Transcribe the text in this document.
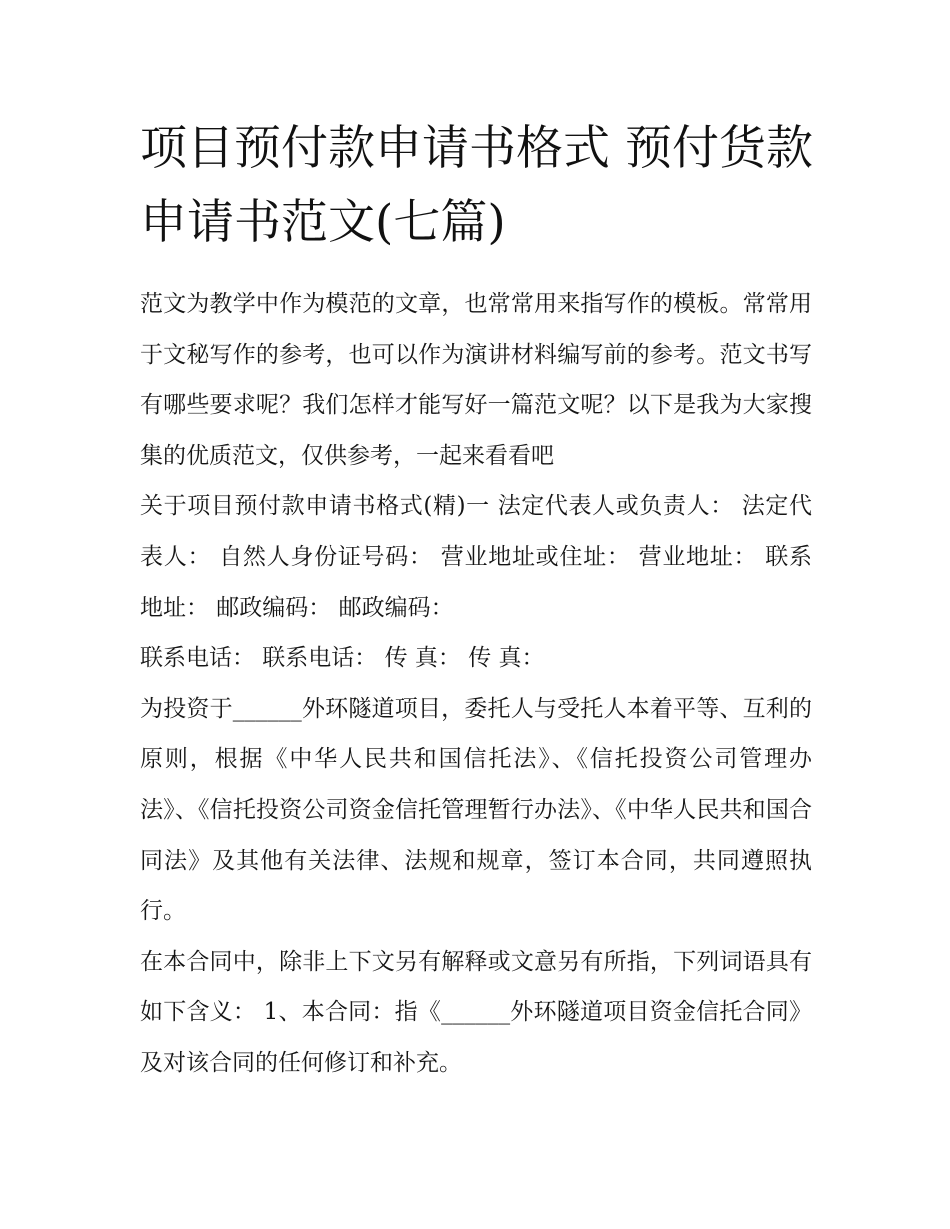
项目预付款申请书格式 预付货款申请书范文(七篇)

范文为教学中作为模范的文章，也常常用来指写作的模板。常常用于文秘写作的参考，也可以作为演讲材料编写前的参考。范文书写有哪些要求呢？我们怎样才能写好一篇范文呢？以下是我为大家搜集的优质范文，仅供参考，一起来看看吧

关于项目预付款申请书格式(精)一 法定代表人或负责人： 法定代表人： 自然人身份证号码： 营业地址或住址： 营业地址： 联系地址： 邮政编码： 邮政编码：

联系电话： 联系电话： 传 真： 传 真：

为投资于______外环隧道项目，委托人与受托人本着平等、互利的原则，根据《中华人民共和国信托法》、《信托投资公司管理办法》、《信托投资公司资金信托管理暂行办法》、《中华人民共和国合同法》及其他有关法律、法规和规章，签订本合同，共同遵照执行。

在本合同中，除非上下文另有解释或文意另有所指，下列词语具有如下含义： 1、本合同：指《______外环隧道项目资金信托合同》及对该合同的任何修订和补充。
